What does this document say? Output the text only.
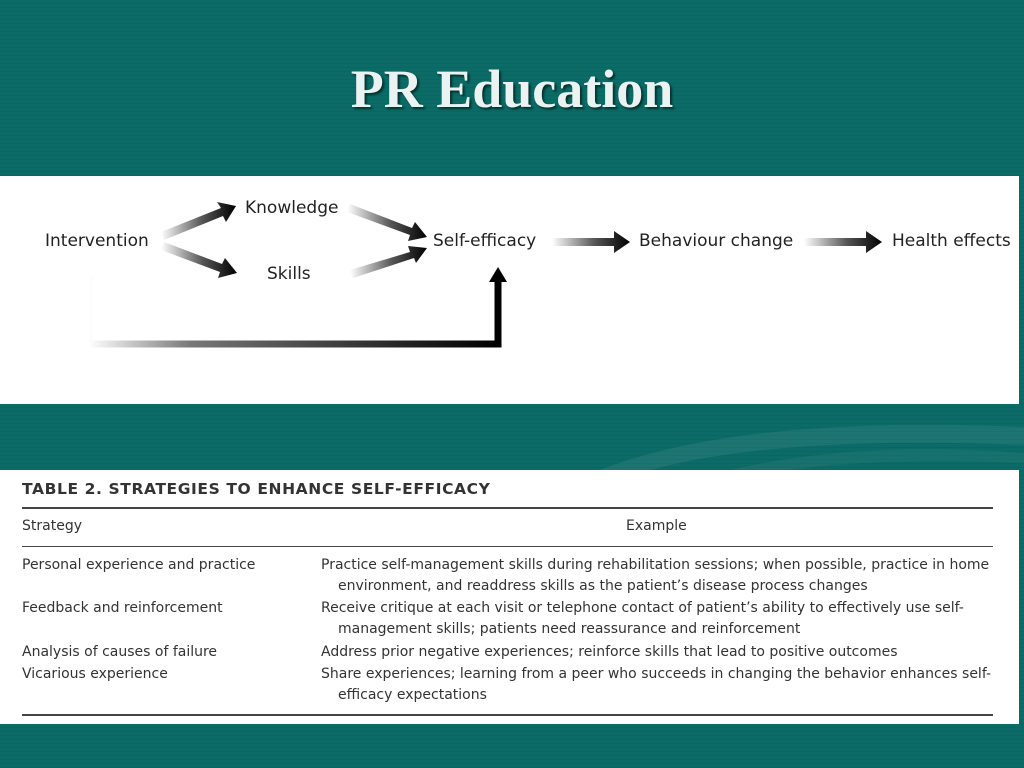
PR Education
Intervention
Knowledge
Skills
Self-efficacy	Behaviour change	Health effects
TABLE 2. STRATEGIES TO ENHANCE SELF-EFFICACY
Strategy	Example
Personal experience and practice	Practice self-management skills during rehabilitation sessions; when possible, practice in home environment, and readdress skills as the patient’s disease process changes
Feedback and reinforcement	Receive critique at each visit or telephone contact of patient’s ability to effectively use self-management skills; patients need reassurance and reinforcement
Analysis of causes of failure	Address prior negative experiences; reinforce skills that lead to positive outcomes
Vicarious experience	Share experiences; learning from a peer who succeeds in changing the behavior enhances self-efficacy expectations
